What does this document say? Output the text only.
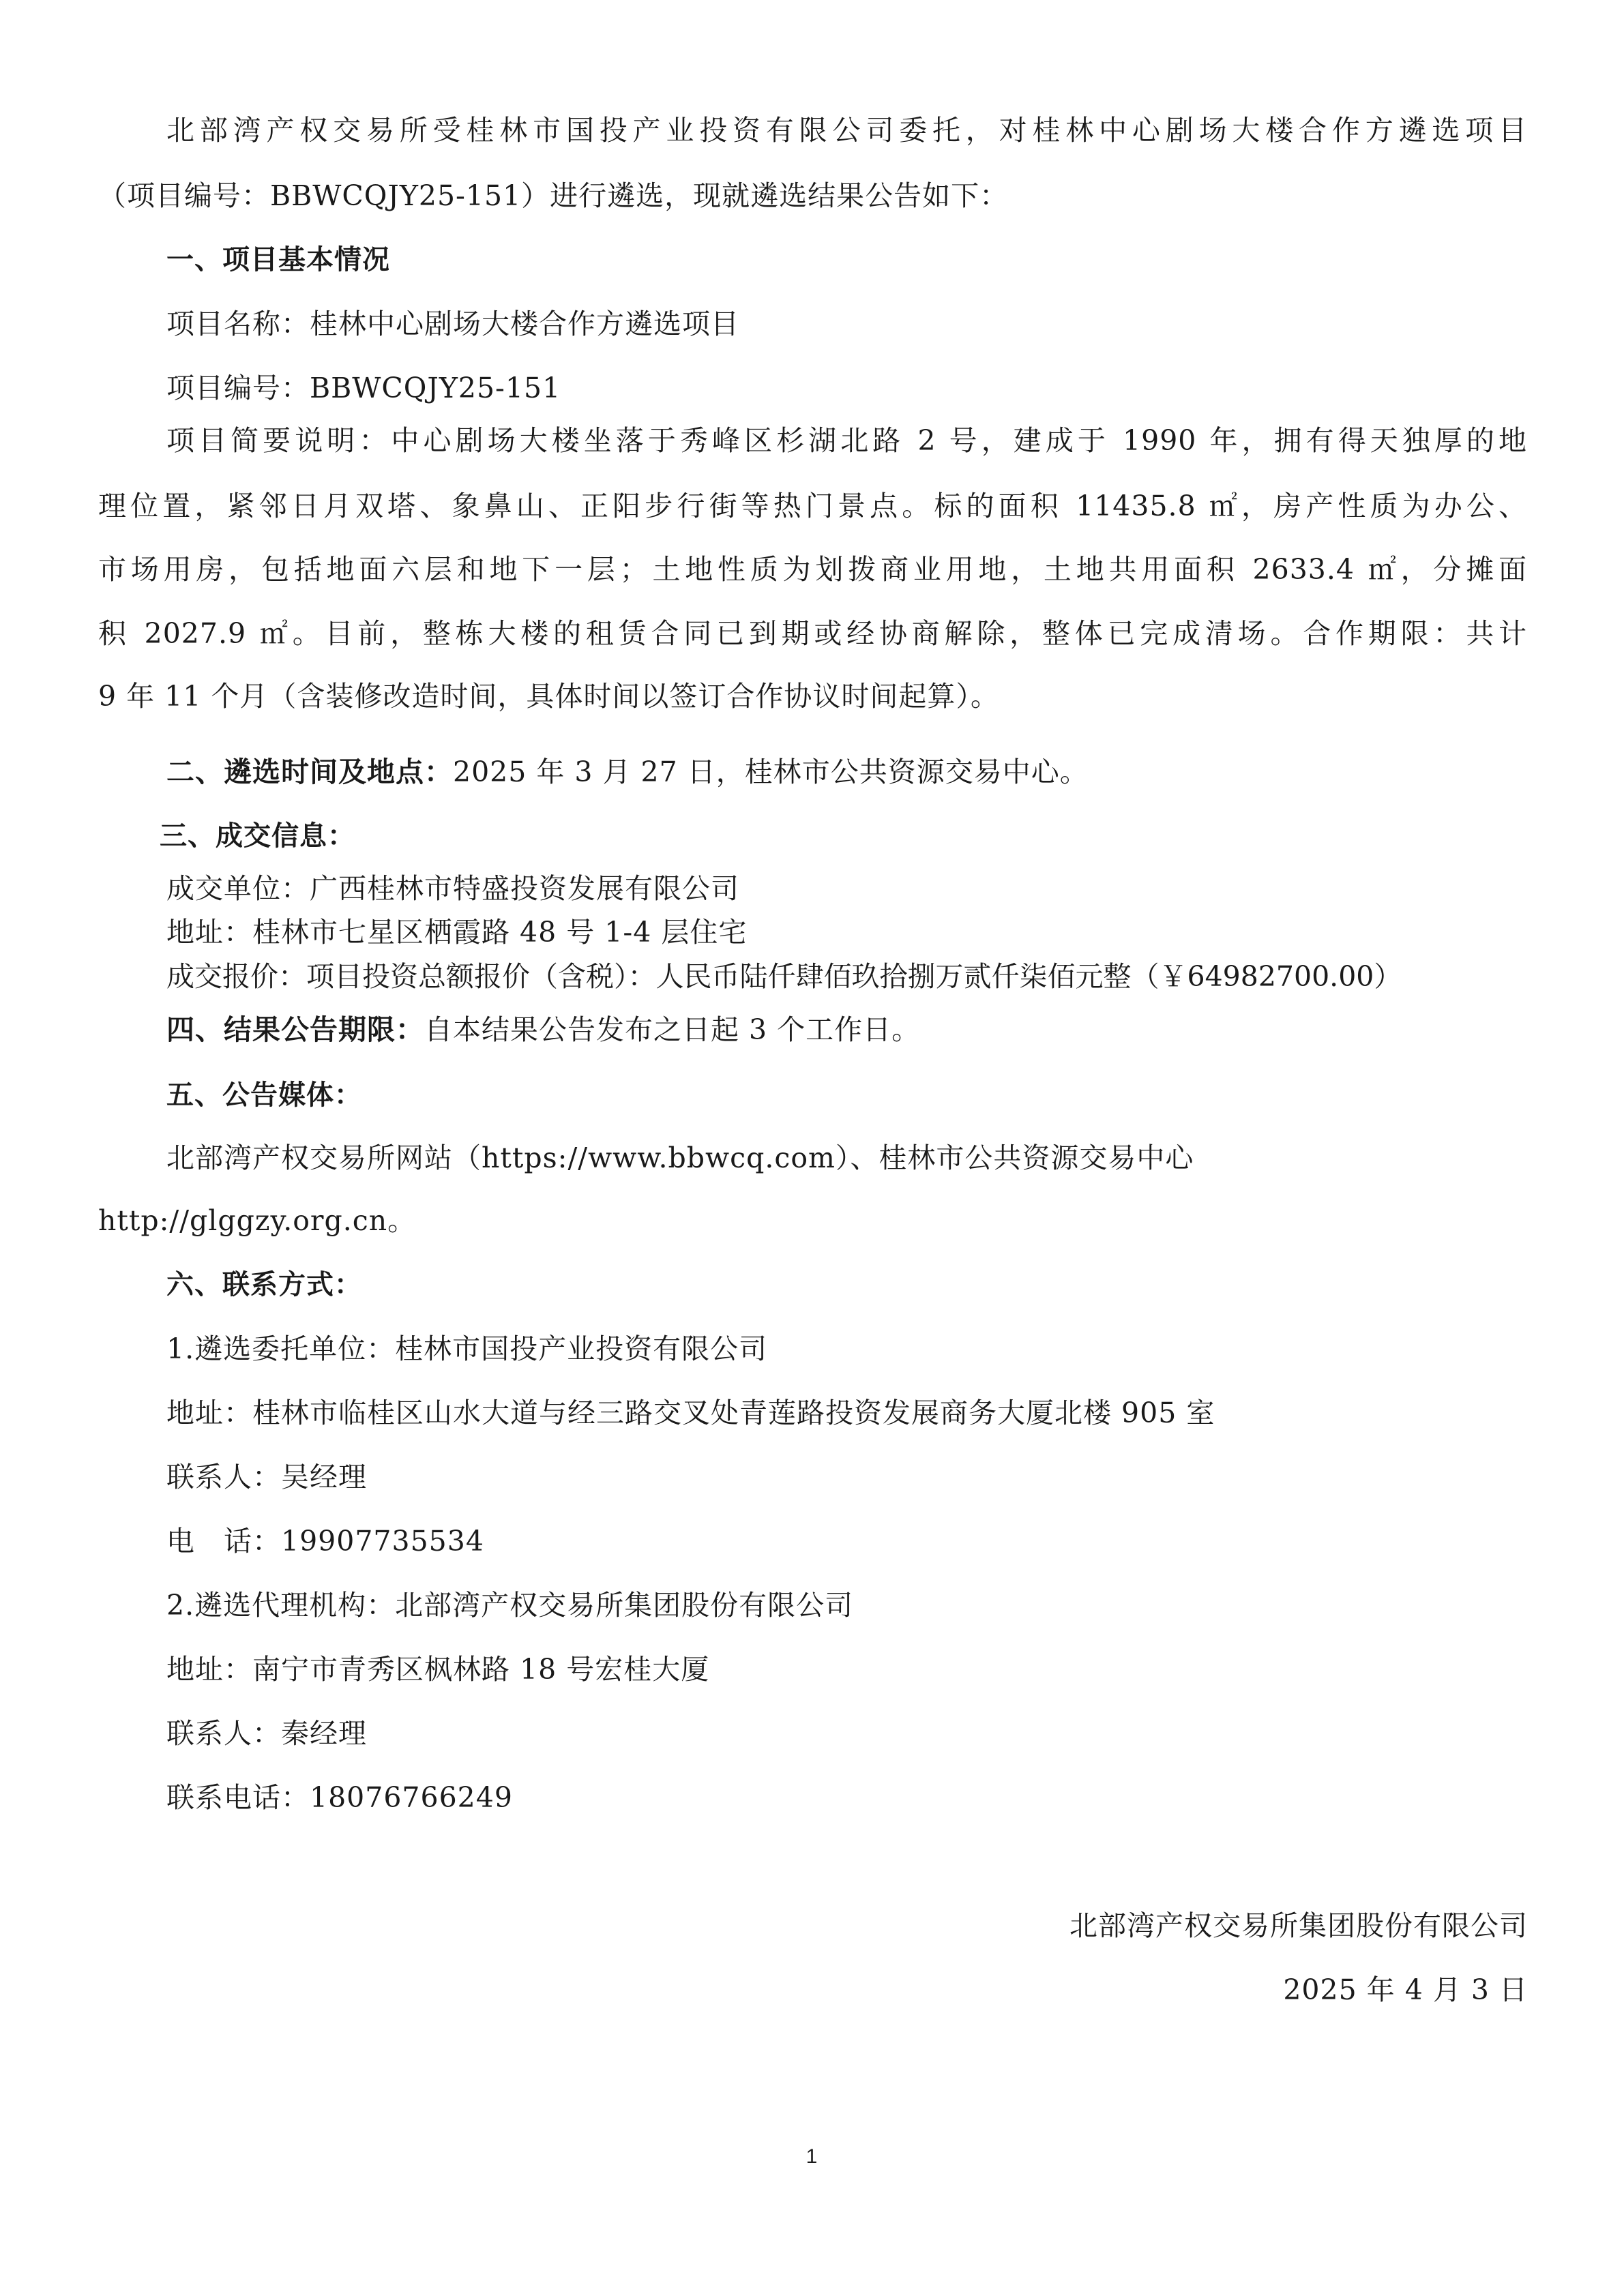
北部湾产权交易所受桂林市国投产业投资有限公司委托，对桂林中心剧场大楼合作方遴选项目
（项目编号：BBWCQJY25-151）进行遴选，现就遴选结果公告如下：
一、项目基本情况
项目名称：桂林中心剧场大楼合作方遴选项目
项目编号：BBWCQJY25-151
项目简要说明：中心剧场大楼坐落于秀峰区杉湖北路 2 号，建成于 1990 年，拥有得天独厚的地
理位置，紧邻日月双塔、象鼻山、正阳步行街等热门景点。标的面积 11435.8 ㎡，房产性质为办公、
市场用房，包括地面六层和地下一层；土地性质为划拨商业用地，土地共用面积 2633.4 ㎡，分摊面
积 2027.9 ㎡。目前，整栋大楼的租赁合同已到期或经协商解除，整体已完成清场。合作期限：共计
9 年 11 个月（含装修改造时间，具体时间以签订合作协议时间起算）。
二、遴选时间及地点：2025 年 3 月 27 日，桂林市公共资源交易中心。
三、成交信息：
成交单位：广西桂林市特盛投资发展有限公司
地址：桂林市七星区栖霞路 48 号 1-4 层住宅
成交报价：项目投资总额报价（含税）：人民币陆仟肆佰玖拾捌万贰仟柒佰元整（￥64982700.00）
四、结果公告期限：自本结果公告发布之日起 3 个工作日。
五、公告媒体：
北部湾产权交易所网站（https://www.bbwcq.com）、桂林市公共资源交易中心
http://glggzy.org.cn。
六、联系方式：
1.遴选委托单位：桂林市国投产业投资有限公司
地址：桂林市临桂区山水大道与经三路交叉处青莲路投资发展商务大厦北楼 905 室
联系人：吴经理
电　话：19907735534
2.遴选代理机构：北部湾产权交易所集团股份有限公司
地址：南宁市青秀区枫林路 18 号宏桂大厦
联系人：秦经理
联系电话：18076766249
北部湾产权交易所集团股份有限公司
2025 年 4 月 3 日
1
